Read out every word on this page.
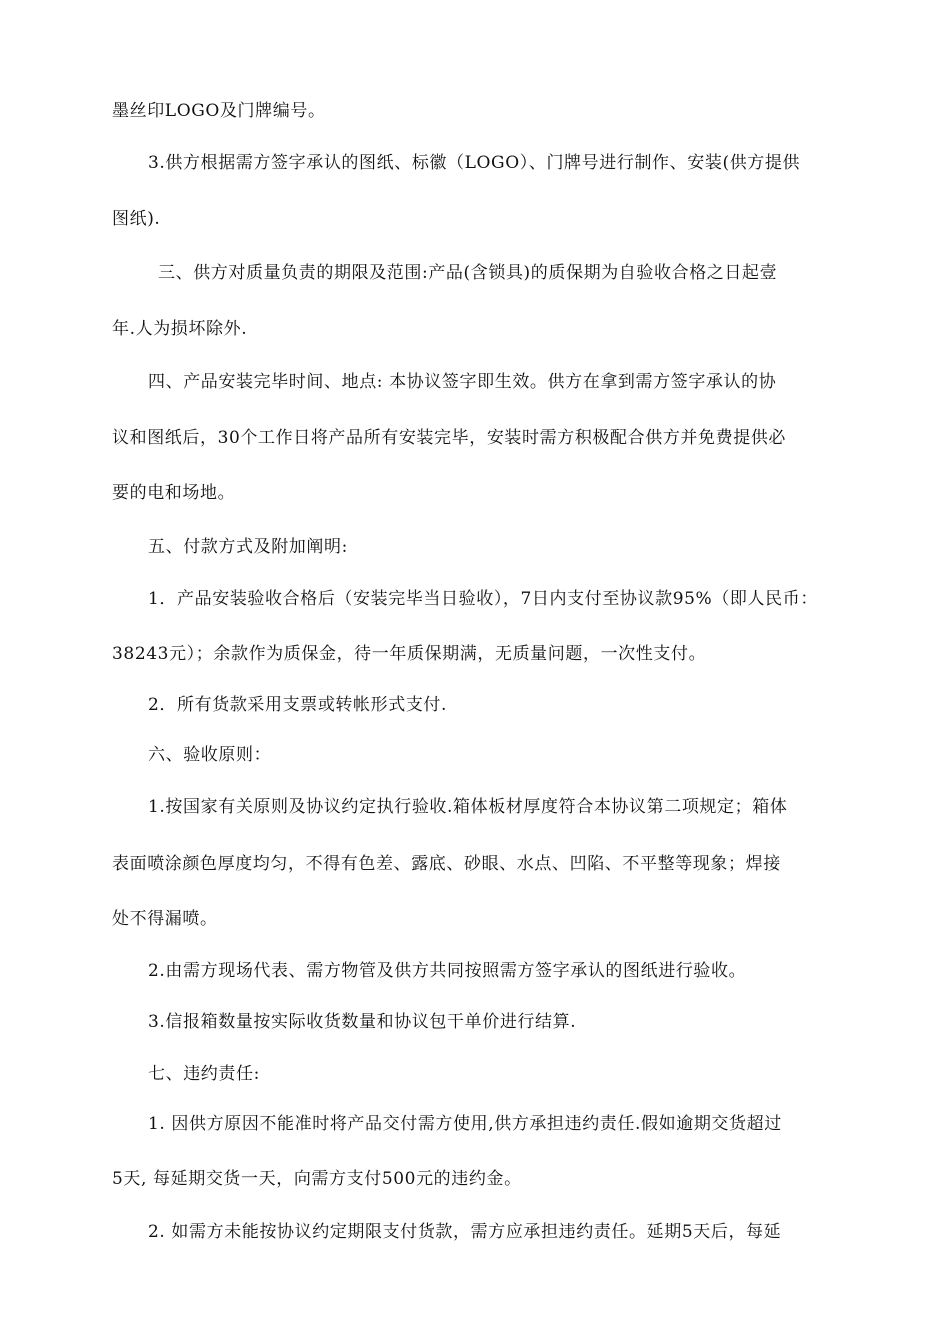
墨丝印LOGO及门牌编号。
3.供方根据需方签字承认的图纸、标徽（LOGO）、门牌号进行制作、安装(供方提供
图纸).
三、供方对质量负责的期限及范围:产品(含锁具)的质保期为自验收合格之日起壹
年.人为损坏除外.
四、产品安装完毕时间、地点: 本协议签字即生效。供方在拿到需方签字承认的协
议和图纸后，30个工作日将产品所有安装完毕，安装时需方积极配合供方并免费提供必
要的电和场地。
五、付款方式及附加阐明:
1．产品安装验收合格后（安装完毕当日验收），7日内支付至协议款95%（即人民币：
38243元）；余款作为质保金，待一年质保期满，无质量问题，一次性支付。
2．所有货款采用支票或转帐形式支付.
六、验收原则：
1.按国家有关原则及协议约定执行验收.箱体板材厚度符合本协议第二项规定；箱体
表面喷涂颜色厚度均匀，不得有色差、露底、砂眼、水点、凹陷、不平整等现象；焊接
处不得漏喷。
2.由需方现场代表、需方物管及供方共同按照需方签字承认的图纸进行验收。
3.信报箱数量按实际收货数量和协议包干单价进行结算.
七、违约责任:
1. 因供方原因不能准时将产品交付需方使用,供方承担违约责任.假如逾期交货超过
5天, 每延期交货一天，向需方支付500元的违约金。
2. 如需方未能按协议约定期限支付货款，需方应承担违约责任。延期5天后，每延
